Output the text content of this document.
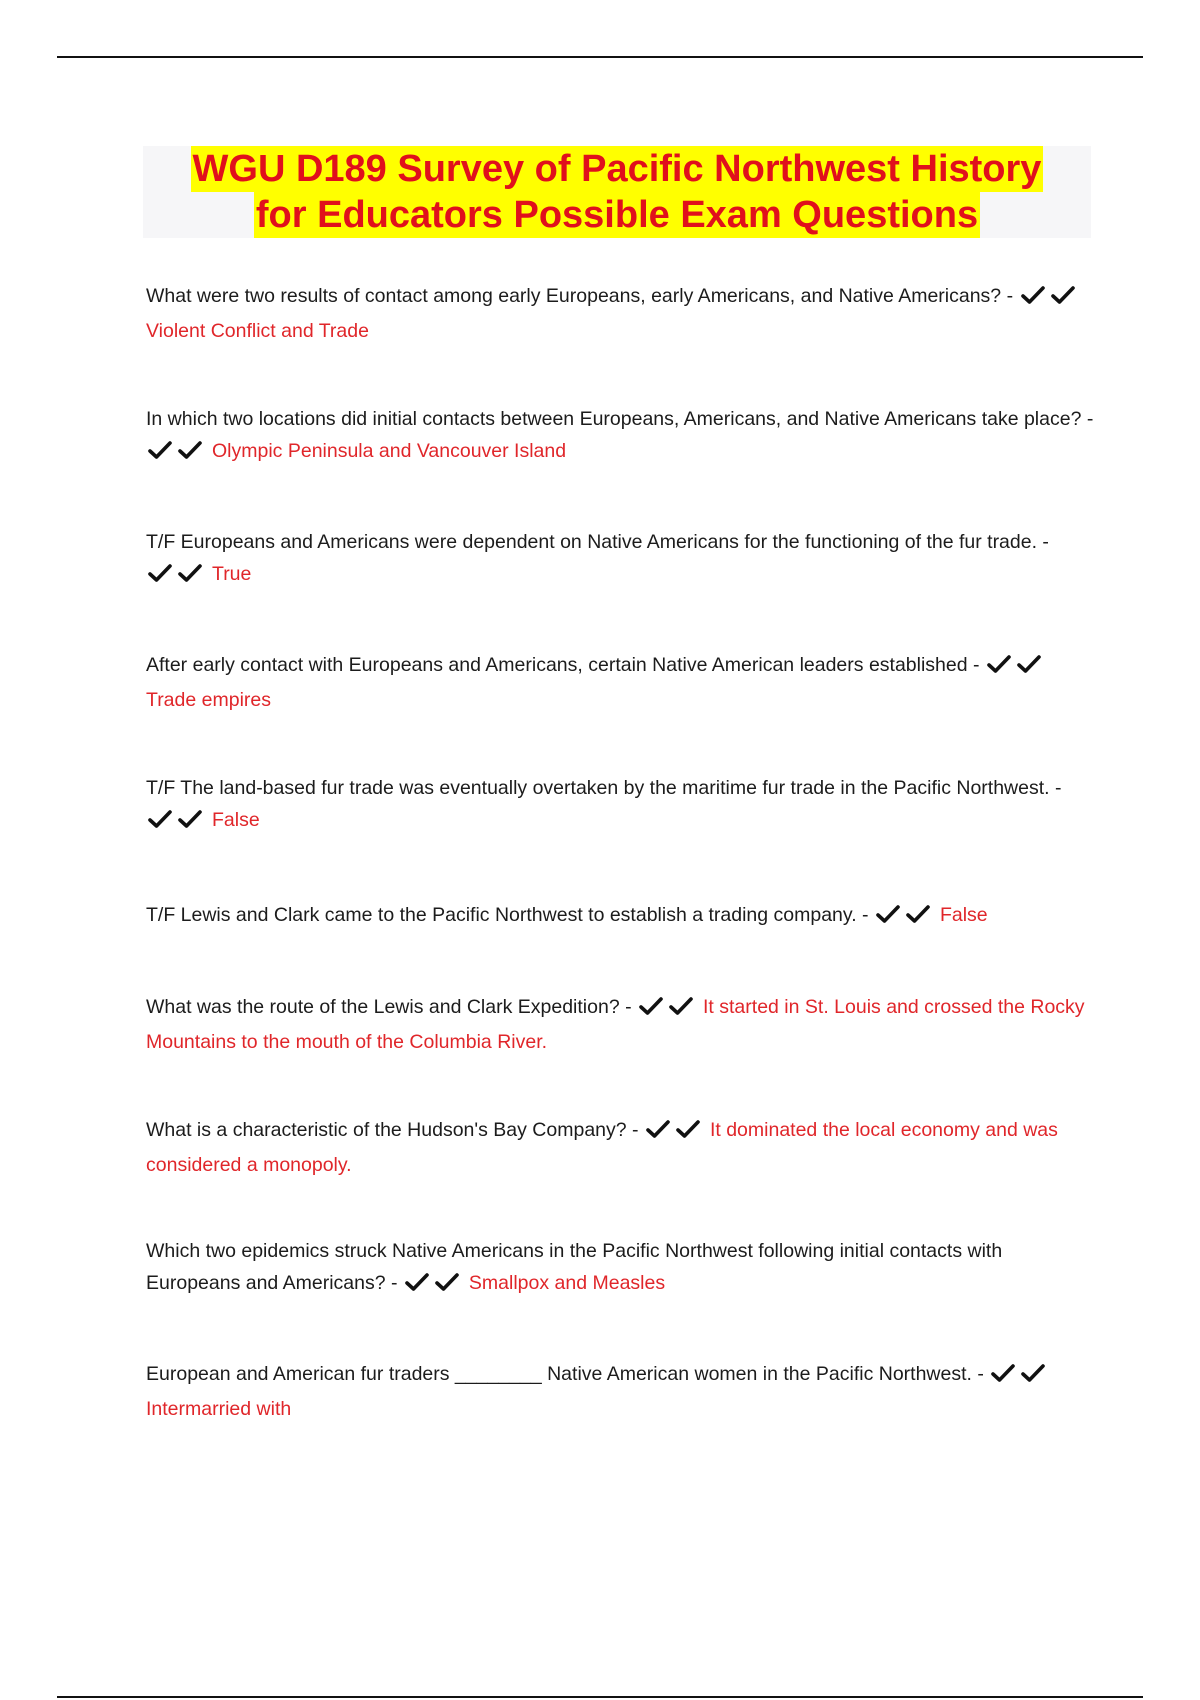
WGU D189 Survey of Pacific Northwest History
for Educators Possible Exam Questions
What were two results of contact among early Europeans, early Americans, and Native Americans? - Violent Conflict and Trade
In which two locations did initial contacts between Europeans, Americans, and Native Americans take place? - Olympic Peninsula and Vancouver Island
T/F Europeans and Americans were dependent on Native Americans for the functioning of the fur trade. - True
After early contact with Europeans and Americans, certain Native American leaders established - Trade empires
T/F The land-based fur trade was eventually overtaken by the maritime fur trade in the Pacific Northwest. - False
T/F Lewis and Clark came to the Pacific Northwest to establish a trading company. -	False
What was the route of the Lewis and Clark Expedition? -	It started in St. Louis and crossed the Rocky Mountains to the mouth of the Columbia River.
What is a characteristic of the Hudson's Bay Company? -	It dominated the local economy and was considered a monopoly.
Which two epidemics struck Native Americans in the Pacific Northwest following initial contacts with Europeans and Americans? -	Smallpox and Measles
European and American fur traders ________ Native American women in the Pacific Northwest. - Intermarried with
